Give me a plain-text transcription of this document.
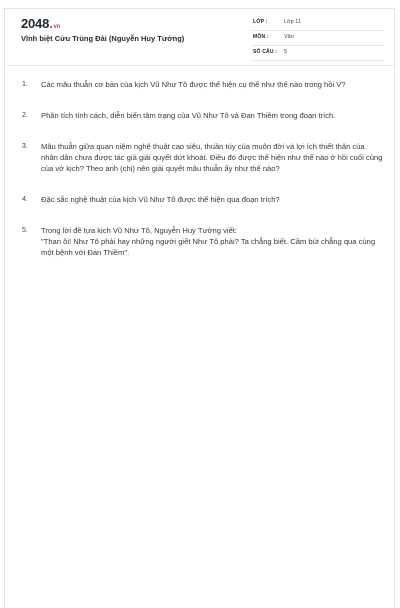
2048.vn
Vĩnh biệt Cửu Trùng Đài (Nguyễn Huy Tưởng)
LỚP :	Lớp 11
MÔN :	Văn
SỐ CÂU : 5
1. Các mâu thuẫn cơ bản của kịch Vũ Như Tô được thể hiện cụ thể như thế nào trong hồi V?
2. Phân tích tính cách, diễn biến tâm trạng của Vũ Như Tô và Đan Thiềm trong đoạn trích.
3. Mâu thuẫn giữa quan niệm nghệ thuật cao siêu, thuần túy của muôn đời và lợi ích thiết thân của nhân dân chưa được tác giả giải quyết dứt khoát. Điều đó được thể hiện như thế nào ở hồi cuối cùng của vở kịch? Theo anh (chị) nên giải quyết mâu thuẫn ấy như thế nào?
4. Đặc sắc nghệ thuật của kịch Vũ Như Tô được thể hiện qua đoạn trích?
5. Trong lời đề tựa kịch Vũ Như Tô, Nguyễn Huy Tưởng viết:
"Than ôi! Như Tô phải hay những người giết Như Tô phải? Ta chẳng biết. Cầm bút chẳng qua cùng một bệnh với Đan Thiềm".
